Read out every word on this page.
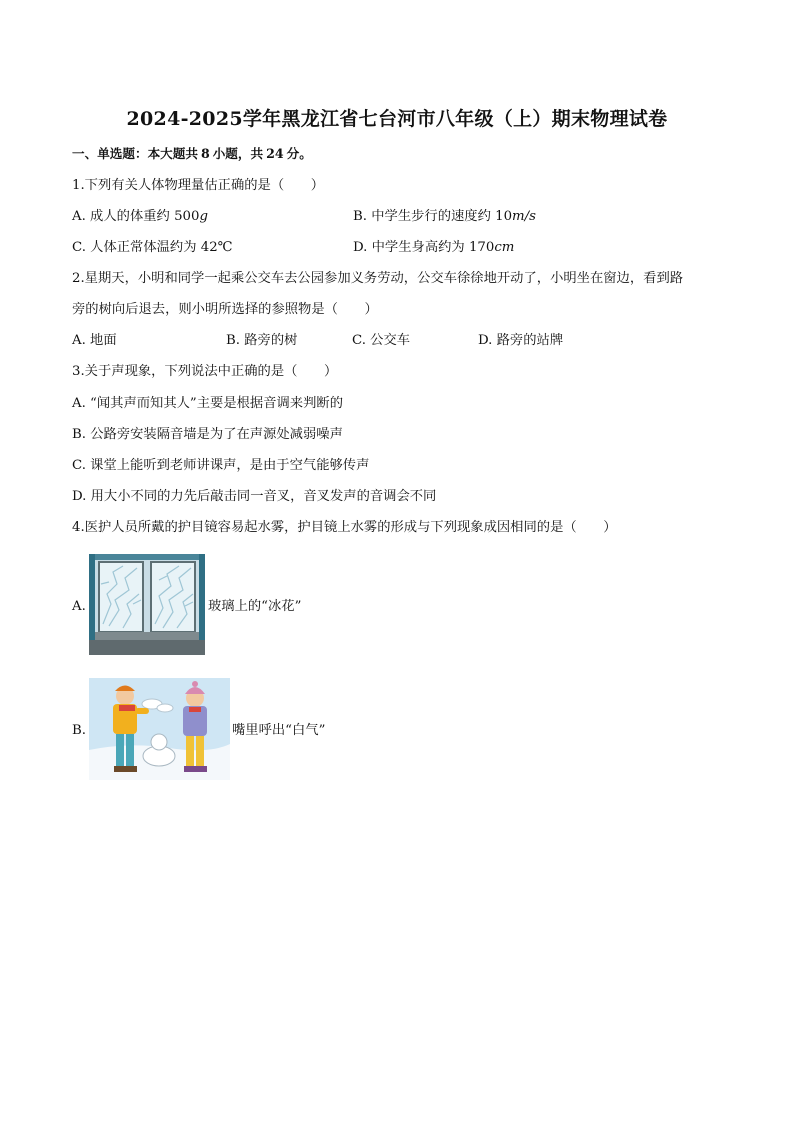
2024-2025学年黑龙江省七台河市八年级（上）期末物理试卷
一、单选题：本大题共 8 小题，共 24 分。
1.下列有关人体物理量估正确的是（　　）
A. 成人的体重约 500g	B. 中学生步行的速度约 10m/s
C. 人体正常体温约为 42℃	D. 中学生身高约为 170cm
2.星期天，小明和同学一起乘公交车去公园参加义务劳动，公交车徐徐地开动了，小明坐在窗边，看到路
旁的树向后退去，则小明所选择的参照物是（　　）
A. 地面	B. 路旁的树	C. 公交车	D. 路旁的站牌
3.关于声现象，下列说法中正确的是（　　）
A. “闻其声而知其人”主要是根据音调来判断的
B. 公路旁安装隔音墙是为了在声源处减弱噪声
C. 课堂上能听到老师讲课声，是由于空气能够传声
D. 用大小不同的力先后敲击同一音叉，音叉发声的音调会不同
4.医护人员所戴的护目镜容易起水雾，护目镜上水雾的形成与下列现象成因相同的是（　　）
A.	玻璃上的“冰花”
B.	嘴里呼出“白气”
